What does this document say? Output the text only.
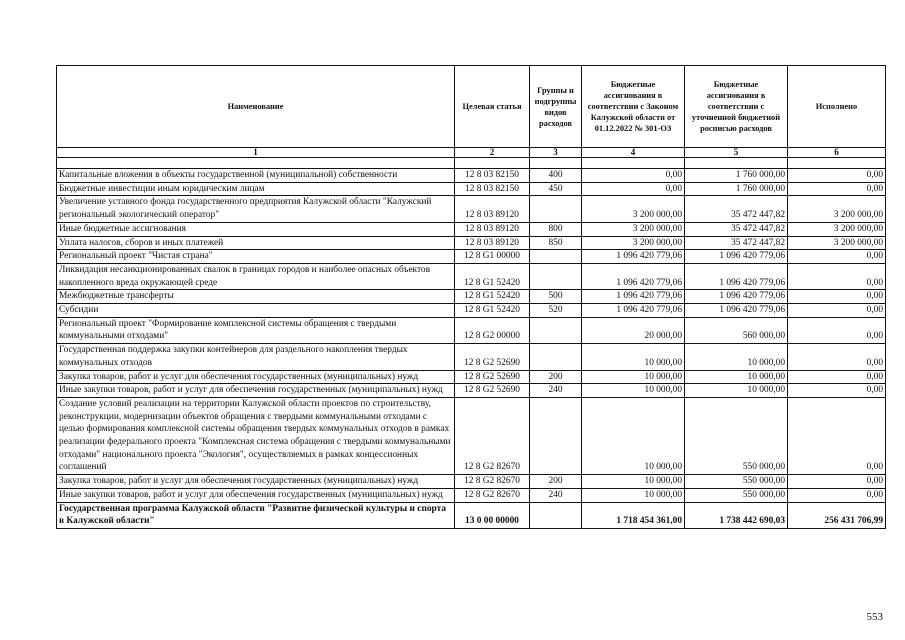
Наименование	Целевая статья	Группы и подгруппы видов расходов	Бюджетные ассигнования в соответствии с Законом Калужской области от 01.12.2022 № 301-ОЗ	Бюджетные ассигнования в соответствии с уточненной бюджетной росписью расходов	Исполнено
1	2	3	4	5	6

Капитальные вложения в объекты государственной (муниципальной) собственности	12 8 03 82150	400	0,00	1 760 000,00	0,00
Бюджетные инвестиции иным юридическим лицам	12 8 03 82150	450	0,00	1 760 000,00	0,00
Увеличение уставного фонда государственного предприятия Калужской области "Калужский региональный экологический оператор"	12 8 03 89120		3 200 000,00	35 472 447,82	3 200 000,00
Иные бюджетные ассигнования	12 8 03 89120	800	3 200 000,00	35 472 447,82	3 200 000,00
Уплата налогов, сборов и иных платежей	12 8 03 89120	850	3 200 000,00	35 472 447,82	3 200 000,00
Региональный проект "Чистая страна"	12 8 G1 00000		1 096 420 779,06	1 096 420 779,06	0,00
Ликвидация несанкционированных свалок в границах городов и наиболее опасных объектов накопленного вреда окружающей среде	12 8 G1 52420		1 096 420 779,06	1 096 420 779,06	0,00
Межбюджетные трансферты	12 8 G1 52420	500	1 096 420 779,06	1 096 420 779,06	0,00
Субсидии	12 8 G1 52420	520	1 096 420 779,06	1 096 420 779,06	0,00
Региональный проект "Формирование комплексной системы обращения с твердыми коммунальными отходами"	12 8 G2 00000		20 000,00	560 000,00	0,00
Государственная поддержка закупки контейнеров для раздельного накопления твердых коммунальных отходов	12 8 G2 52690		10 000,00	10 000,00	0,00
Закупка товаров, работ и услуг для обеспечения государственных (муниципальных) нужд	12 8 G2 52690	200	10 000,00	10 000,00	0,00
Иные закупки товаров, работ и услуг для обеспечения государственных (муниципальных) нужд	12 8 G2 52690	240	10 000,00	10 000,00	0,00
Создание условий реализации на территории Калужской области проектов по строительству, реконструкции, модернизации объектов обращения с твердыми коммунальными отходами с целью формирования комплексной системы обращения твердых коммунальных отходов в рамках реализации федерального проекта "Комплексная система обращения с твердыми коммунальными отходами" национального проекта "Экология", осуществляемых в рамках концессионных соглашений	12 8 G2 82670		10 000,00	550 000,00	0,00
Закупка товаров, работ и услуг для обеспечения государственных (муниципальных) нужд	12 8 G2 82670	200	10 000,00	550 000,00	0,00
Иные закупки товаров, работ и услуг для обеспечения государственных (муниципальных) нужд	12 8 G2 82670	240	10 000,00	550 000,00	0,00
Государственная программа Калужской области "Развитие физической культуры и спорта в Калужской области"	13 0 00 00000		1 718 454 361,00	1 738 442 690,03	256 431 706,99
553
